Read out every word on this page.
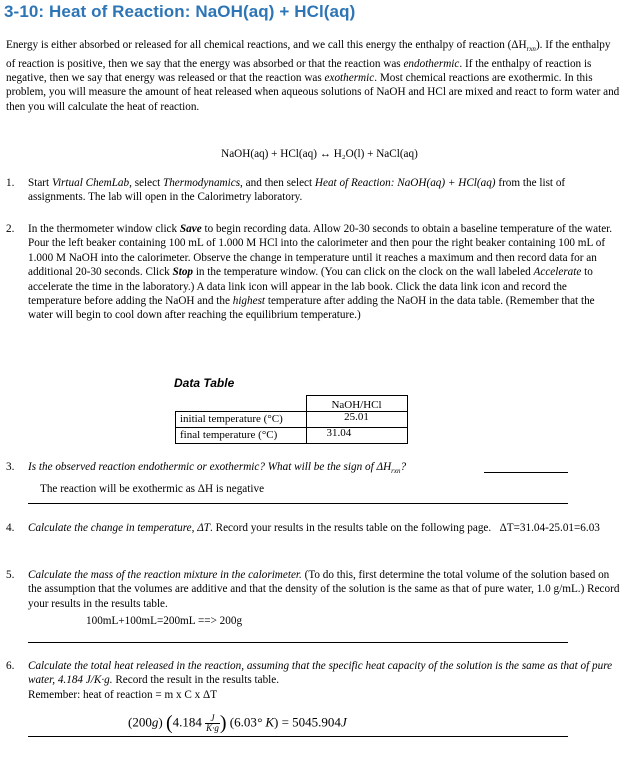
3-10: Heat of Reaction: NaOH(aq) + HCl(aq)
Energy is either absorbed or released for all chemical reactions, and we call this energy the enthalpy of reaction $(\Delta H_{rxn})$. If the enthalpy of reaction is positive, then we say that the energy was absorbed or that the reaction was endothermic. If the enthalpy of reaction is negative, then we say that energy was released or that the reaction was exothermic. Most chemical reactions are exothermic. In this problem, you will measure the amount of heat released when aqueous solutions of NaOH and HCl are mixed and react to form water and then you will calculate the heat of reaction.
NaOH(aq) + HCl(aq) ↔ H₂O(l) + NaCl(aq)
1. Start Virtual ChemLab, select Thermodynamics, and then select Heat of Reaction: NaOH(aq) + HCl(aq) from the list of assignments. The lab will open in the Calorimetry laboratory.
2. In the thermometer window click Save to begin recording data. Allow 20-30 seconds to obtain a baseline temperature of the water. Pour the left beaker containing 100 mL of 1.000 M HCl into the calorimeter and then pour the right beaker containing 100 mL of 1.000 M NaOH into the calorimeter. Observe the change in temperature until it reaches a maximum and then record data for an additional 20-30 seconds. Click Stop in the temperature window. (You can click on the clock on the wall labeled Accelerate to accelerate the time in the laboratory.) A data link icon will appear in the lab book. Click the data link icon and record the temperature before adding the NaOH and the highest temperature after adding the NaOH in the data table. (Remember that the water will begin to cool down after reaching the equilibrium temperature.)
Data Table
	NaOH/HCl
initial temperature (°C)	25.01
final temperature (°C)	31.04
3. Is the observed reaction endothermic or exothermic? What will be the sign of $\Delta H_{rxn}$?
The reaction will be exothermic as ΔH is negative
4. Calculate the change in temperature, ΔT. Record your results in the results table on the following page. ΔT=31.04-25.01=6.03
5. Calculate the mass of the reaction mixture in the calorimeter. (To do this, first determine the total volume of the solution based on the assumption that the volumes are additive and that the density of the solution is the same as that of pure water, 1.0 g/mL.) Record your results in the results table.
100mL+100mL=200mL ==> 200g
6. Calculate the total heat released in the reaction, assuming that the specific heat capacity of the solution is the same as that of pure water, 4.184 J/K·g. Record the result in the results table.
Remember: heat of reaction = m x C x ΔT
(200g) ($4.184 \frac{J}{K\cdot g}$ ) (6.03° K) = 5045.904J
